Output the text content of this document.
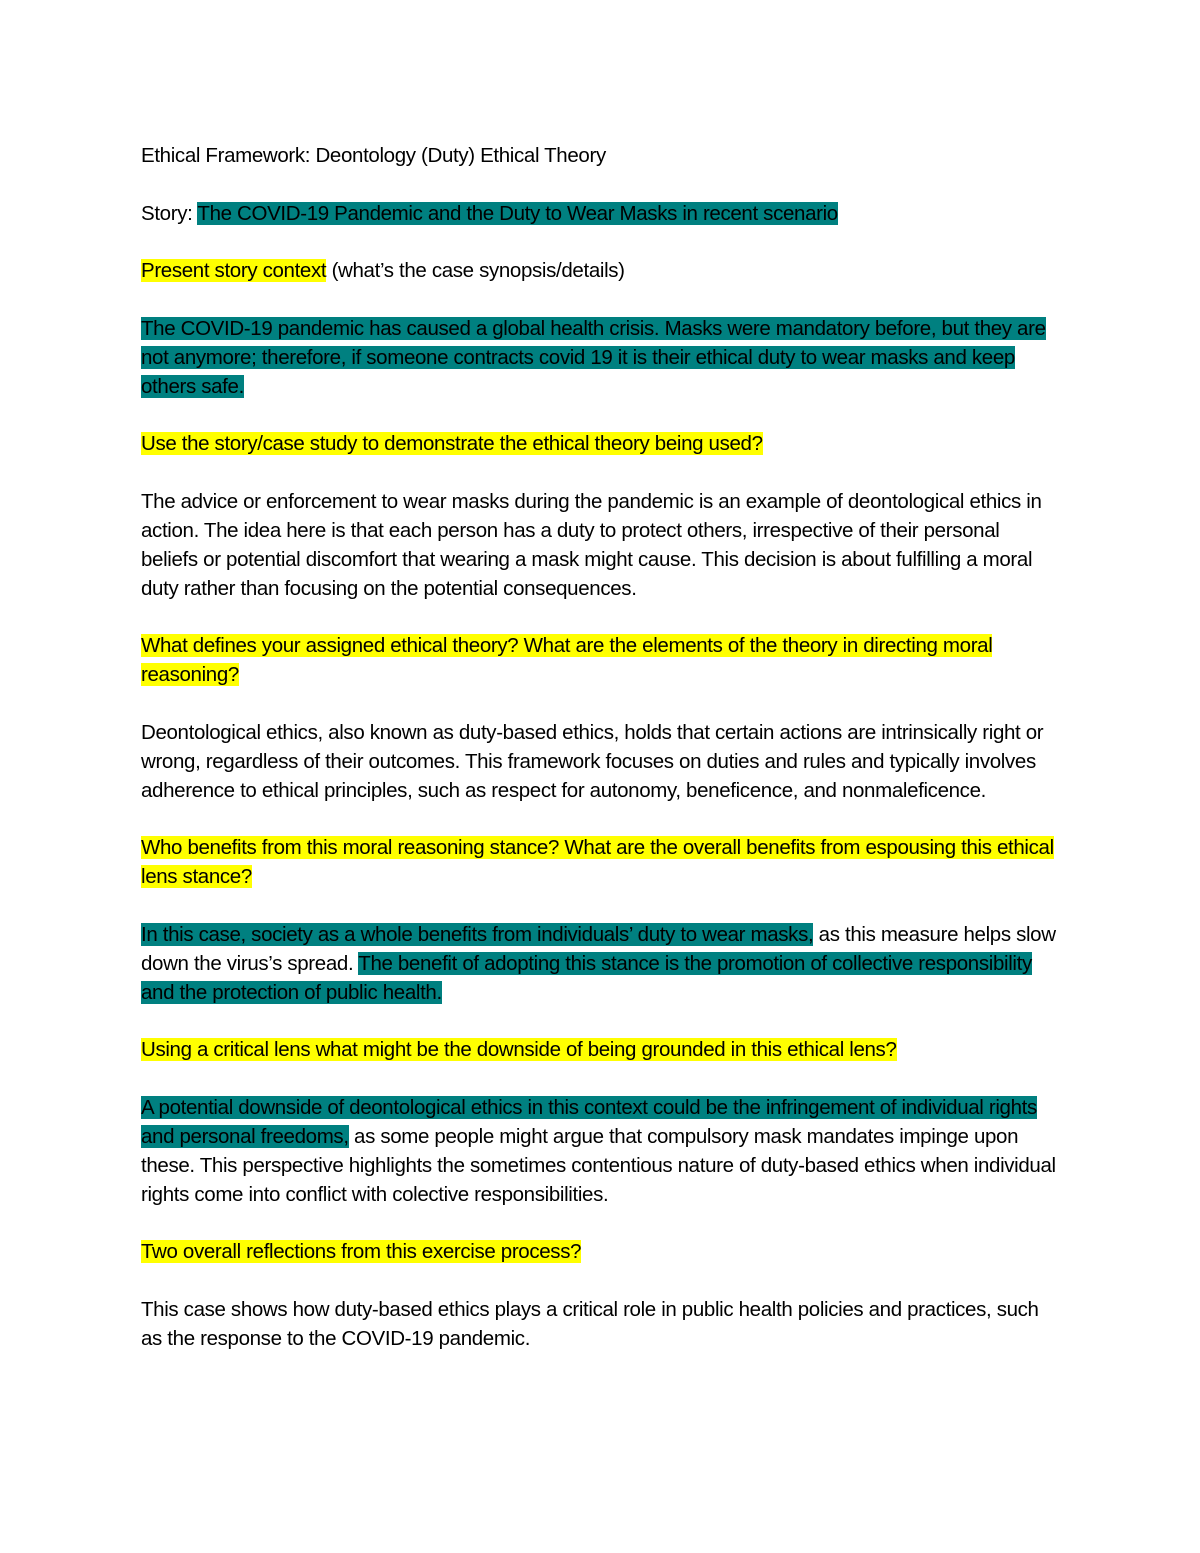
Ethical Framework: Deontology (Duty) Ethical Theory

Story: The COVID-19 Pandemic and the Duty to Wear Masks in recent scenario

Present story context (what’s the case synopsis/details)

The COVID-19 pandemic has caused a global health crisis. Masks were mandatory before, but they are not anymore; therefore, if someone contracts covid 19 it is their ethical duty to wear masks and keep others safe.

Use the story/case study to demonstrate the ethical theory being used?

The advice or enforcement to wear masks during the pandemic is an example of deontological ethics in action. The idea here is that each person has a duty to protect others, irrespective of their personal beliefs or potential discomfort that wearing a mask might cause. This decision is about fulfilling a moral duty rather than focusing on the potential consequences.

What defines your assigned ethical theory? What are the elements of the theory in directing moral reasoning?

Deontological ethics, also known as duty-based ethics, holds that certain actions are intrinsically right or wrong, regardless of their outcomes. This framework focuses on duties and rules and typically involves adherence to ethical principles, such as respect for autonomy, beneficence, and nonmaleficence.

Who benefits from this moral reasoning stance? What are the overall benefits from espousing this ethical lens stance?

In this case, society as a whole benefits from individuals’ duty to wear masks, as this measure helps slow down the virus’s spread. The benefit of adopting this stance is the promotion of collective responsibility and the protection of public health.

Using a critical lens what might be the downside of being grounded in this ethical lens?

A potential downside of deontological ethics in this context could be the infringement of individual rights and personal freedoms, as some people might argue that compulsory mask mandates impinge upon these. This perspective highlights the sometimes contentious nature of duty-based ethics when individual rights come into conflict with colective responsibilities.

Two overall reflections from this exercise process?

This case shows how duty-based ethics plays a critical role in public health policies and practices, such as the response to the COVID-19 pandemic.
